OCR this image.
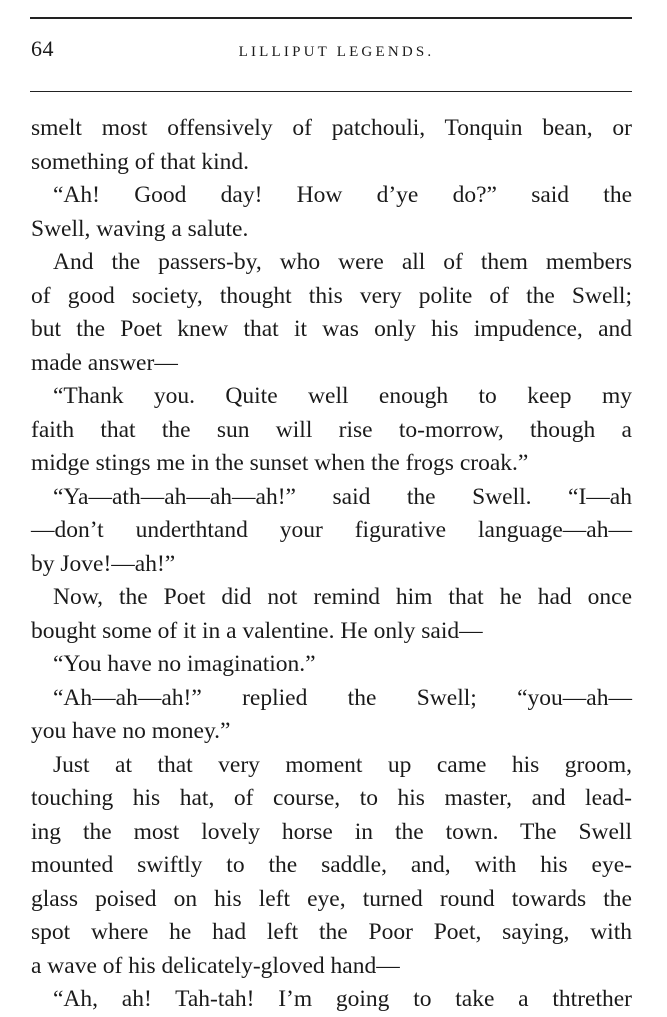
64	LILLIPUT LEGENDS.
smelt most offensively of patchouli, Tonquin bean, or
something of that kind.
“Ah! Good day! How d’ye do?” said the
Swell, waving a salute.
And the passers-by, who were all of them members
of good society, thought this very polite of the Swell;
but the Poet knew that it was only his impudence, and
made answer—
“Thank you. Quite well enough to keep my
faith that the sun will rise to-morrow, though a
midge stings me in the sunset when the frogs croak.”
“Ya—ath—ah—ah—ah!” said the Swell. “I—ah
—don’t underthtand your figurative language—ah—
by Jove!—ah!”
Now, the Poet did not remind him that he had once
bought some of it in a valentine. He only said—
“You have no imagination.”
“Ah—ah—ah!” replied the Swell; “you—ah—
you have no money.”
Just at that very moment up came his groom,
touching his hat, of course, to his master, and lead-
ing the most lovely horse in the town. The Swell
mounted swiftly to the saddle, and, with his eye-
glass poised on his left eye, turned round towards the
spot where he had left the Poor Poet, saying, with
a wave of his delicately-gloved hand—
“Ah, ah! Tah-tah! I’m going to take a thtrether
